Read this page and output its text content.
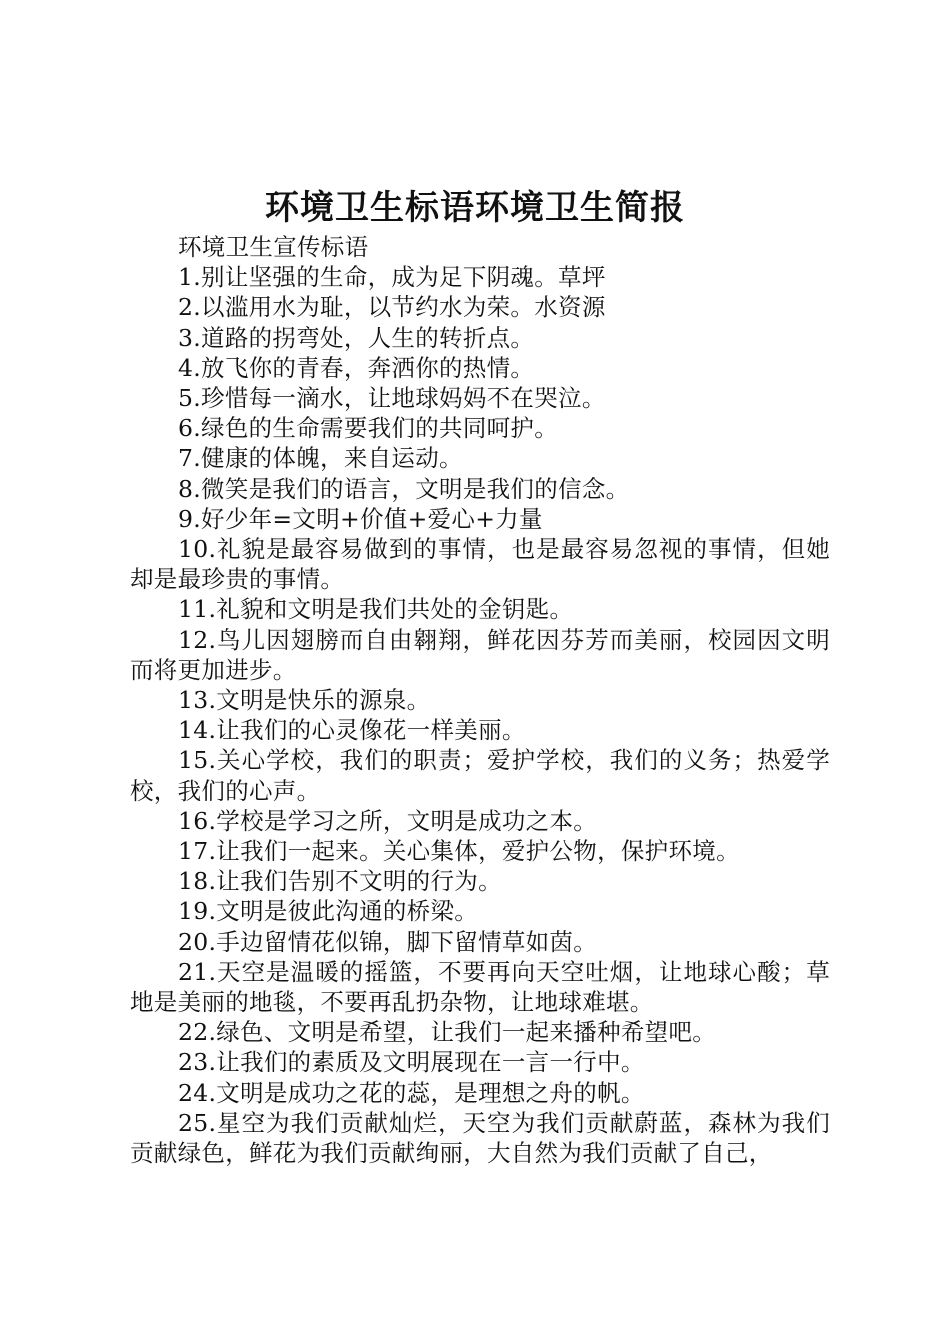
环境卫生标语环境卫生简报

环境卫生宣传标语

1.别让坚强的生命，成为足下阴魂。草坪

2.以滥用水为耻，以节约水为荣。水资源

3.道路的拐弯处，人生的转折点。

4.放飞你的青春，奔洒你的热情。

5.珍惜每一滴水，让地球妈妈不在哭泣。

6.绿色的生命需要我们的共同呵护。

7.健康的体魄，来自运动。

8.微笑是我们的语言，文明是我们的信念。

9.好少年=文明+价值+爱心+力量

10.礼貌是最容易做到的事情，也是最容易忽视的事情，但她却是最珍贵的事情。

11.礼貌和文明是我们共处的金钥匙。

12.鸟儿因翅膀而自由翱翔，鲜花因芬芳而美丽，校园因文明而将更加进步。

13.文明是快乐的源泉。

14.让我们的心灵像花一样美丽。

15.关心学校，我们的职责；爱护学校，我们的义务；热爱学校，我们的心声。

16.学校是学习之所，文明是成功之本。

17.让我们一起来。关心集体，爱护公物，保护环境。

18.让我们告别不文明的行为。

19.文明是彼此沟通的桥梁。

20.手边留情花似锦，脚下留情草如茵。

21.天空是温暖的摇篮，不要再向天空吐烟，让地球心酸；草地是美丽的地毯，不要再乱扔杂物，让地球难堪。

22.绿色、文明是希望，让我们一起来播种希望吧。

23.让我们的素质及文明展现在一言一行中。

24.文明是成功之花的蕊，是理想之舟的帆。

25.星空为我们贡献灿烂，天空为我们贡献蔚蓝，森林为我们贡献绿色，鲜花为我们贡献绚丽，大自然为我们贡献了自己，
